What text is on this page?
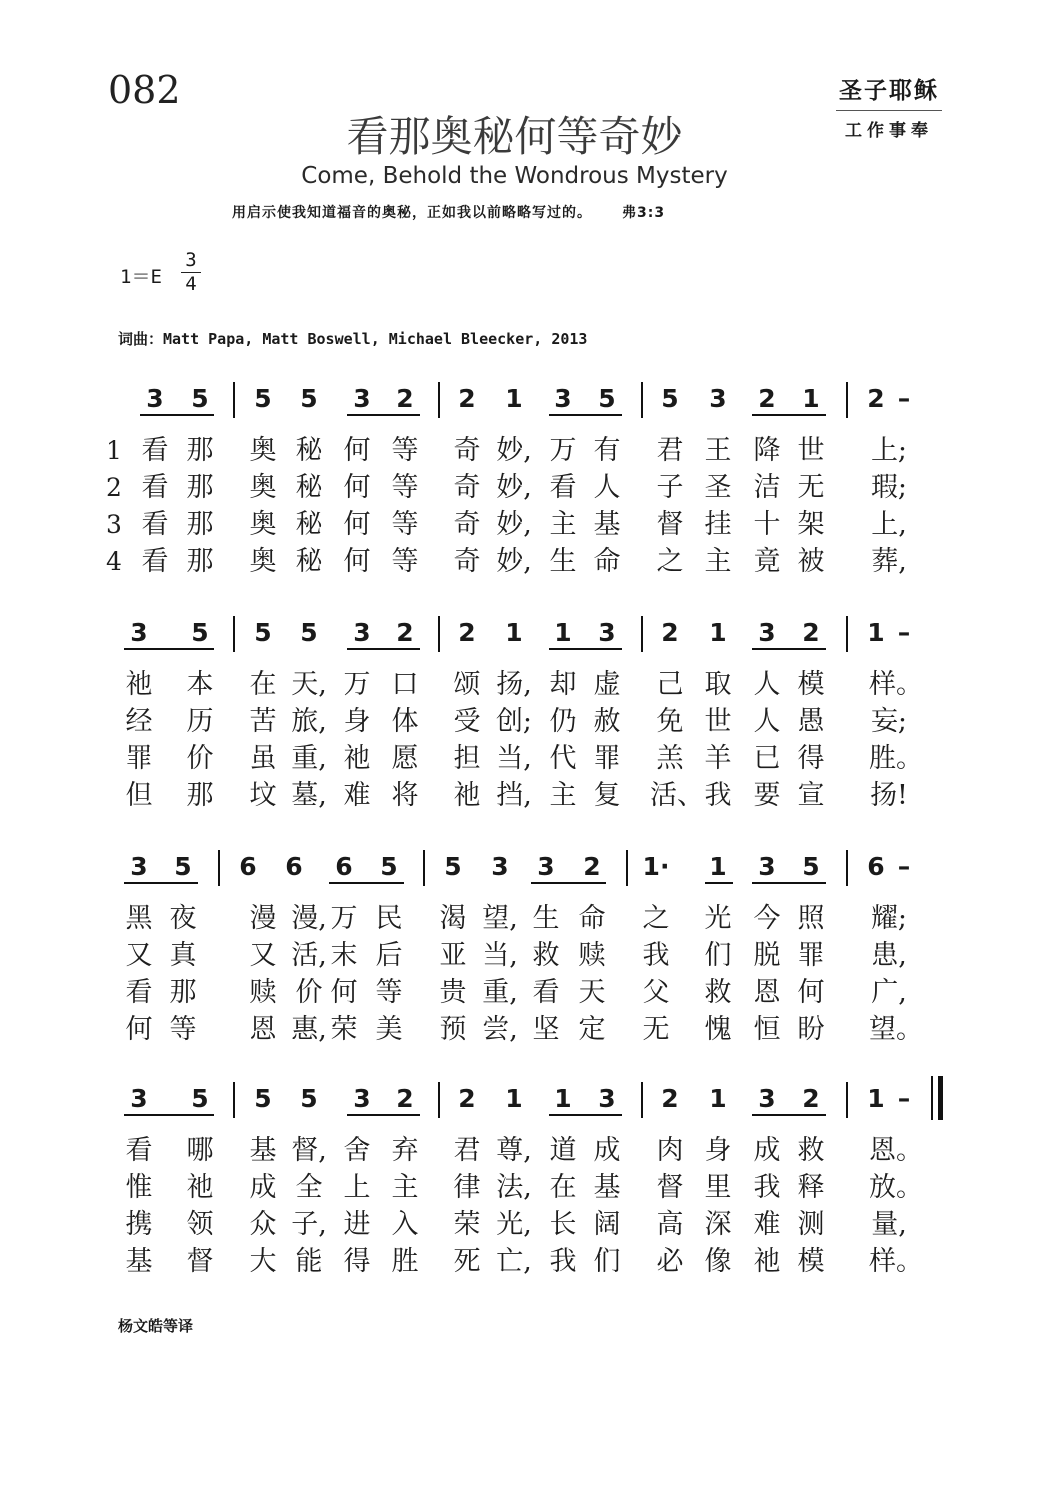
082	圣子耶稣
工作事奉
看那奥秘何等奇妙
Come, Behold the Wondrous Mystery
用启示使我知道福音的奥秘，正如我以前略略写过的。 弗3:3
1＝E
3
4
词曲：Matt Papa, Matt Boswell, Michael Bleecker, 2013
3 5 5 5 3 2 2 1 3 5 5 3 2 1 2 –
1 看 那 奥 秘 何 等 奇 妙, 万 有 君 王 降 世 上;
2 看 那 奥 秘 何 等 奇 妙, 看 人 子 圣 洁 无 瑕;
3 看 那 奥 秘 何 等 奇 妙, 主 基 督 挂 十 架 上,
4 看 那 奥 秘 何 等 奇 妙, 生 命 之 主 竟 被 葬,
3 5 5 5 3 2 2 1 1 3 2 1 3 2 1 –
祂 本 在 天, 万 口 颂 扬, 却 虚 己 取 人 模 样。
经 历 苦 旅, 身 体 受 创; 仍 赦 免 世 人 愚 妄;
罪 价 虽 重, 祂 愿 担 当, 代 罪 羔 羊 已 得 胜。
但 那 坟 墓, 难 将 祂 挡, 主 复 活、 我 要 宣 扬!
3 5 6 6 6 5 5 3 3 2 1· 1 3 5 6 –
黑 夜 漫 漫, 万 民 渴 望, 生 命 之 光 今 照 耀;
又 真 又 活, 末 后 亚 当, 救 赎 我 们 脱 罪 患,
看 那 赎 价 何 等 贵 重, 看 天 父 救 恩 何 广,
何 等 恩 惠, 荣 美 预 尝, 坚 定 无 愧 恒 盼 望。
3 5 5 5 3 2 2 1 1 3 2 1 3 2 1 –
看 哪 基 督, 舍 弃 君 尊, 道 成 肉 身 成 救 恩。
惟 祂 成 全 上 主 律 法, 在 基 督 里 我 释 放。
携 领 众 子, 进 入 荣 光, 长 阔 高 深 难 测 量,
基 督 大 能 得 胜 死 亡, 我 们 必 像 祂 模 样。
杨文皓等译
